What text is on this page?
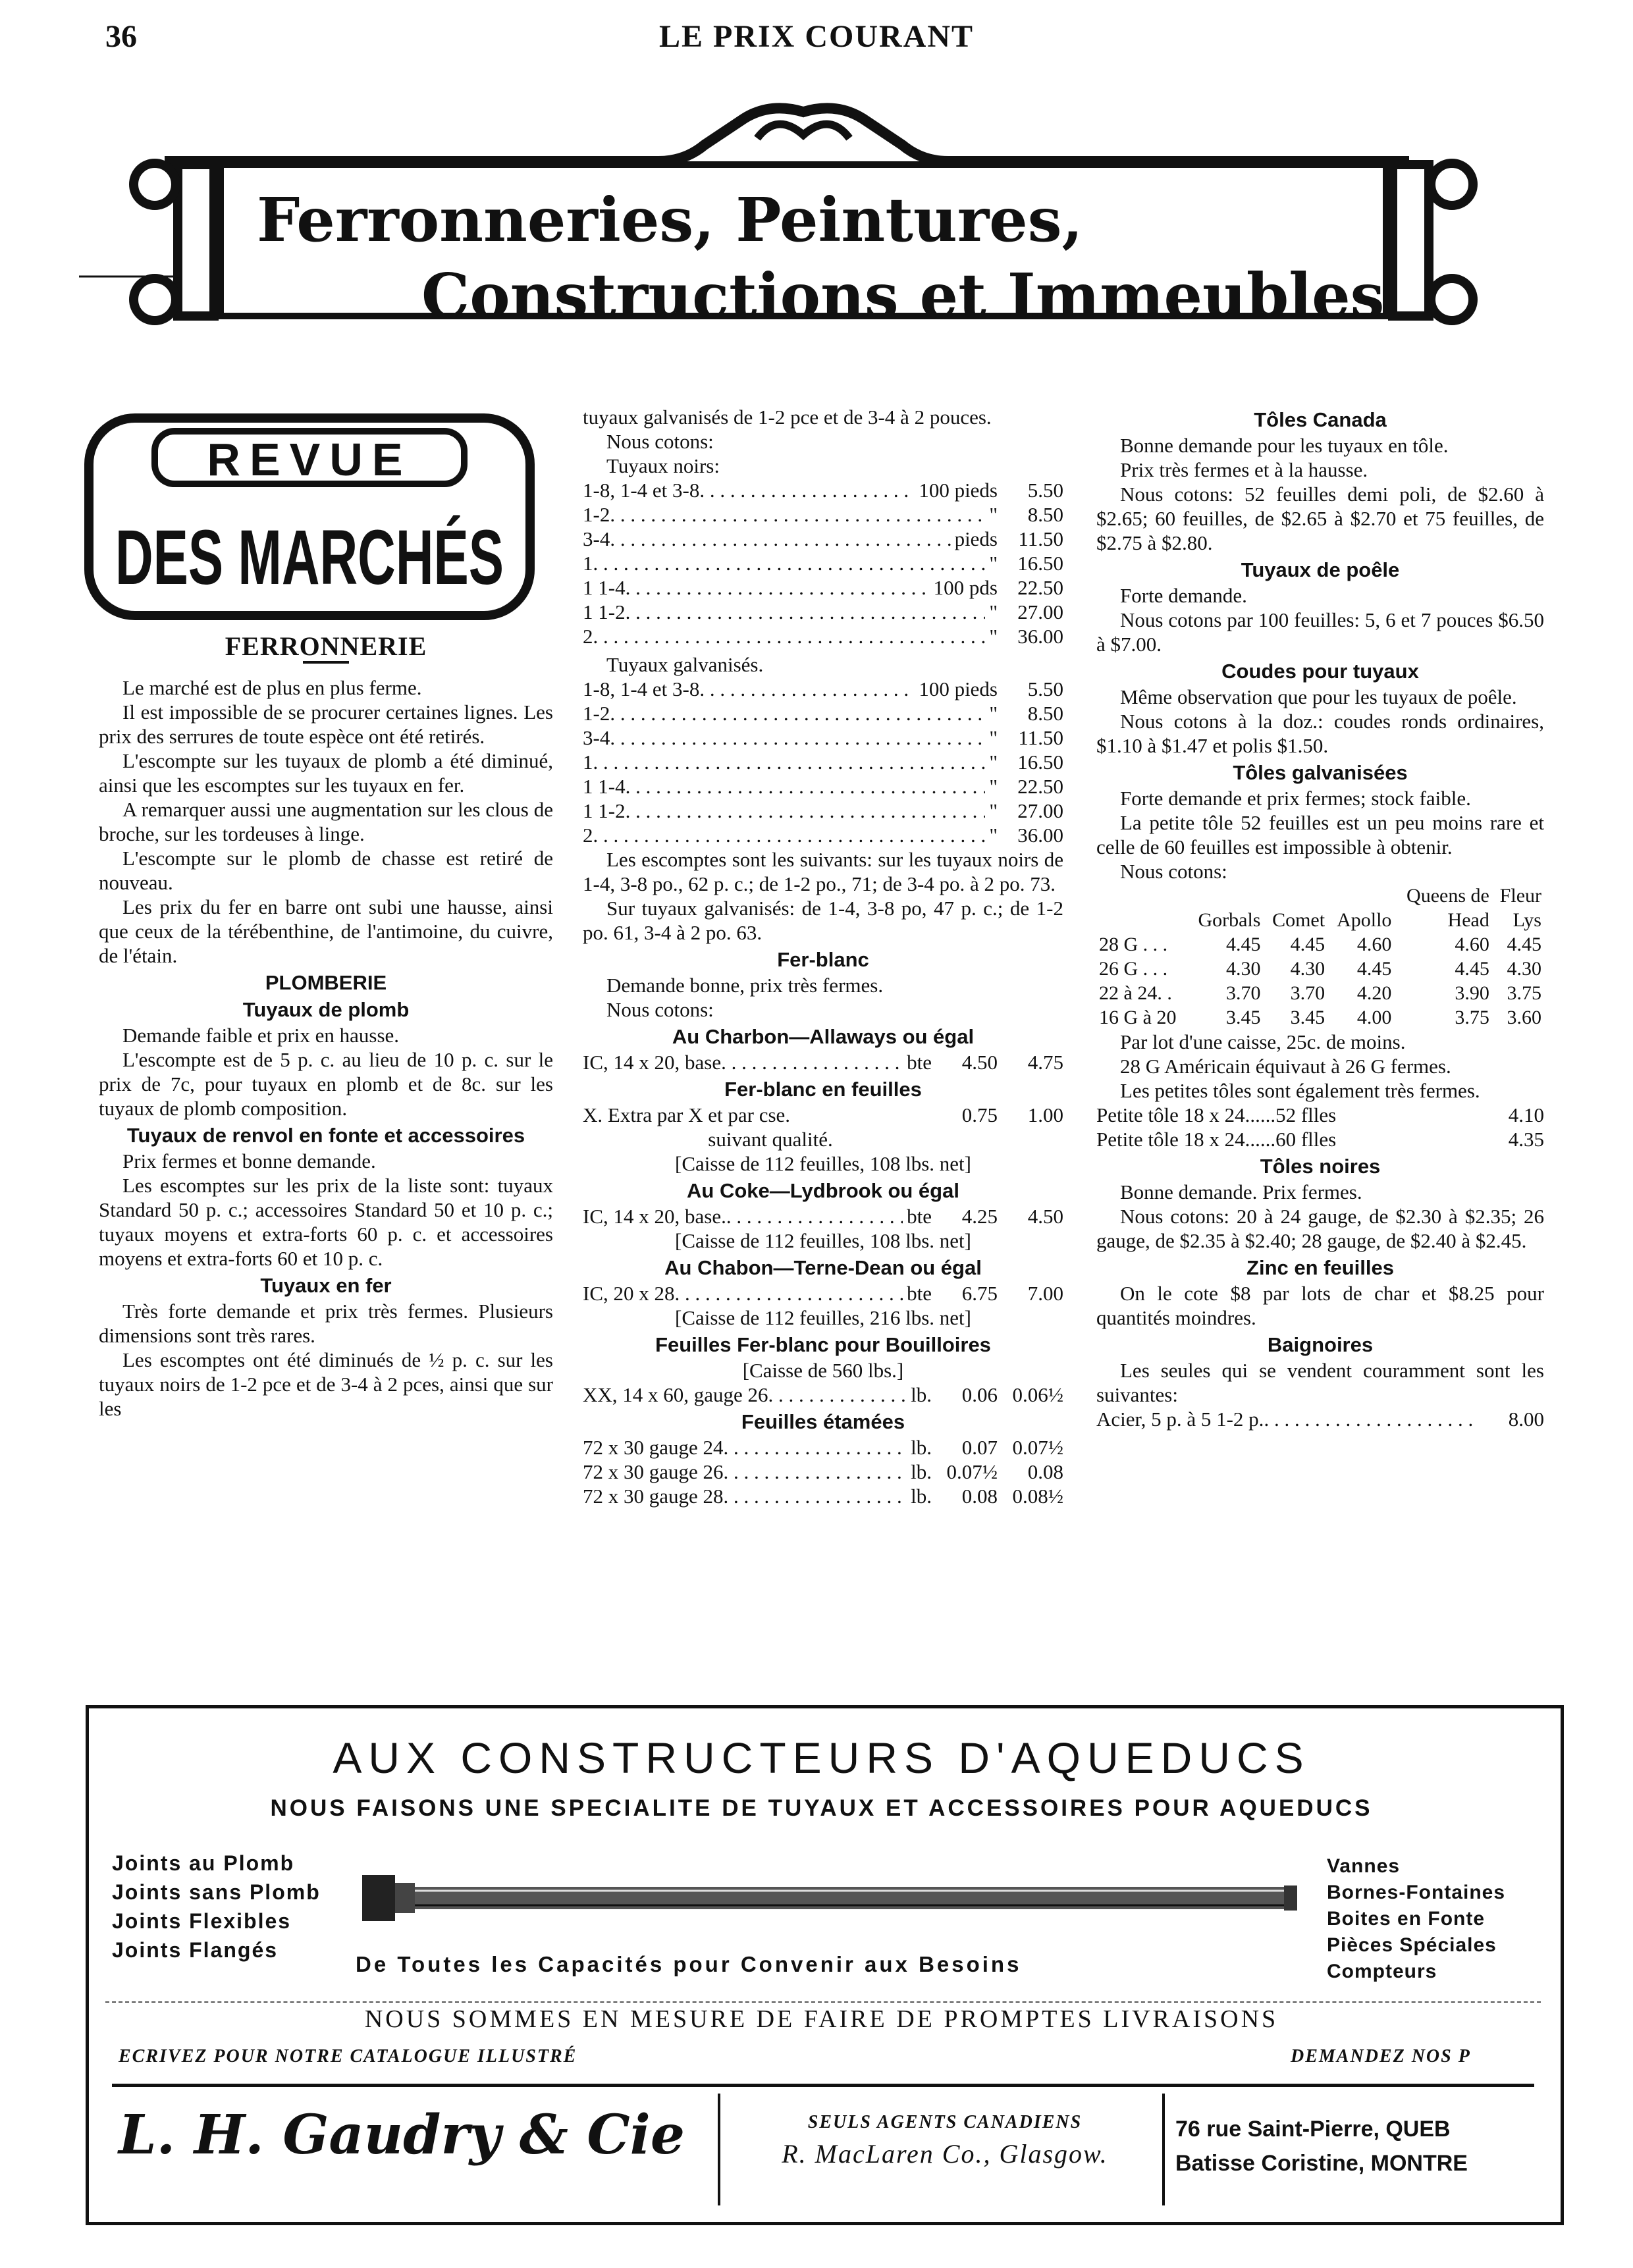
36	LE PRIX COURANT
Ferronneries, Peintures,
Constructions et Immeubles
REVUE
DES MARCHÉS
FERRONNERIE

Le marché est de plus en plus ferme.

Il est impossible de se procurer certaines lignes. Les prix des serrures de toute espèce ont été retirés.

L'escompte sur les tuyaux de plomb a été diminué, ainsi que les escomptes sur les tuyaux en fer.

A remarquer aussi une augmentation sur les clous de broche, sur les tordeuses à linge.

L'escompte sur le plomb de chasse est retiré de nouveau.

Les prix du fer en barre ont subi une hausse, ainsi que ceux de la térébenthine, de l'antimoine, du cuivre, de l'étain.

PLOMBERIE
Tuyaux de plomb

Demande faible et prix en hausse.

L'escompte est de 5 p. c. au lieu de 10 p. c. sur le prix de 7c, pour tuyaux en plomb et de 8c. sur les tuyaux de plomb composition.

Tuyaux de renvol en fonte et accessoires

Prix fermes et bonne demande.

Les escomptes sur les prix de la liste sont: tuyaux Standard 50 p. c.; accessoires Standard 50 et 10 p. c.; tuyaux moyens et extra-forts 60 p. c. et accessoires moyens et extra-forts 60 et 10 p. c.

Tuyaux en fer

Très forte demande et prix très fermes. Plusieurs dimensions sont très rares.

Les escomptes ont été diminués de ½ p. c. sur les tuyaux noirs de 1-2 pce et de 3-4 à 2 pces, ainsi que sur les

tuyaux galvanisés de 1-2 pce et de 3-4 à 2 pouces.
Nous cotons:
Tuyaux noirs:
1-8, 1-4 et 3-8 . . .	100 pieds	5.50
1-2 . . .	"	8.50
3-4 . . .	pieds	11.50
1 . . .	" 16.50
1 1-4 . . .	100 pds 22.50
1 1-2 . . .	" 27.00
2 . . .	" 36.00
Tuyaux galvanisés.
1-8, 1-4 et 3-8 . . .	100 pieds	5.50
1-2 . . .	"	8.50
3-4 . . .	"	11.50
1 . . .	" 16.50
1 1-4 . . .	" 22.50
1 1-2 . . .	" 27.00
2 . . .	" 36.00

Les escomptes sont les suivants: sur les tuyaux noirs de 1-4, 3-8 po., 62 p. c.; de 1-2 po., 71; de 3-4 po. à 2 po. 73.

Sur tuyaux galvanisés: de 1-4, 3-8 po, 47 p. c.; de 1-2 po. 61, 3-4 à 2 po. 63.

Fer-blanc
Demande bonne, prix très fermes.
Nous cotons:
Au Charbon—Allaways ou égal
IC, 14 x 20, base . . .	bte	4.50	4.75
Fer-blanc en feuilles
X. Extra par X et par cse.	0.75	1.00
suivant qualité.
[Caisse de 112 feuilles, 108 lbs. net]
Au Coke—Lydbrook ou égal
IC, 14 x 20, base. . . .	bte	4.25	4.50
[Caisse de 112 feuilles, 108 lbs. net]
Au Chabon—Terne-Dean ou égal
IC, 20 x 28 . . .	bte	6.75	7.00
[Caisse de 112 feuilles, 216 lbs. net]
Feuilles Fer-blanc pour Bouilloires
[Caisse de 560 lbs.]
XX, 14 x 60, gauge 26 . . .	lb.	0.06 0.06½
Feuilles étamées
72 x 30 gauge 24 . . .	lb.	0.07 0.07½
72 x 30 gauge 26 . . .	lb. 0.07½	0.08
72 x 30 gauge 28 . . .	lb.	0.08 0.08½
Tôles Canada

Bonne demande pour les tuyaux en tôle.

Prix très fermes et à la hausse.

Nous cotons: 52 feuilles demi poli, de $2.60 à $2.65; 60 feuilles, de $2.65 à $2.70 et 75 feuilles, de $2.75 à $2.80.

Tuyaux de poêle

Forte demande.

Nous cotons par 100 feuilles: 5, 6 et 7 pouces $6.50 à $7.00.

Coudes pour tuyaux

Même observation que pour les tuyaux de poêle.

Nous cotons à la doz.: coudes ronds ordinaires, $1.10 à $1.47 et polis $1.50.

Tôles galvanisées

Forte demande et prix fermes; stock faible.

La petite tôle 52 feuilles est un peu moins rare et celle de 60 feuilles est impossible à obtenir.

Nous cotons:
				Queens de	Fleur
	Gorbals	Comet	Apollo	Head	Lys
28 G . . .	4.45	4.45	4.60	4.60	4.45
26 G . . .	4.30	4.30	4.45	4.45	4.30
22 à 24. .	3.70	3.70	4.20	3.90	3.75
16 G à 20	3.45	3.45	4.00	3.75	3.60

Par lot d'une caisse, 25c. de moins.

28 G Américain équivaut à 26 G fermes.

Les petites tôles sont également très fermes.

Petite tôle 18 x 24......52 flles	4.10
Petite tôle 18 x 24......60 flles	4.35
Tôles noires

Bonne demande. Prix fermes.

Nous cotons: 20 à 24 gauge, de $2.30 à $2.35; 26 gauge, de $2.35 à $2.40; 28 gauge, de $2.40 à $2.45.

Zinc en feuilles

On le cote $8 par lots de char et $8.25 pour quantités moindres.

Baignoires

Les seules qui se vendent couramment sont les suivantes:

Acier, 5 p. à 5 1-2 p. . . .	8.00
AUX CONSTRUCTEURS D'AQUEDUCS
NOUS FAISONS UNE SPECIALITE DE TUYAUX ET ACCESSOIRES POUR AQUEDUCS
Joints au Plomb
Joints sans Plomb
Joints Flexibles
Joints Flangés
Vannes
Bornes-Fontaines
Boites en Fonte
Pièces Spéciales
Compteurs
De Toutes les Capacités pour Convenir aux Besoins
NOUS SOMMES EN MESURE DE FAIRE DE PROMPTES LIVRAISONS
ECRIVEZ POUR NOTRE CATALOGUE ILLUSTRÉ	DEMANDEZ NOS P
L. H. Gaudry & Cie	SEULS AGENTS CANADIENS
R. MacLaren Co., Glasgow.
76 rue Saint-Pierre, QUEB
Batisse Coristine, MONTRE
